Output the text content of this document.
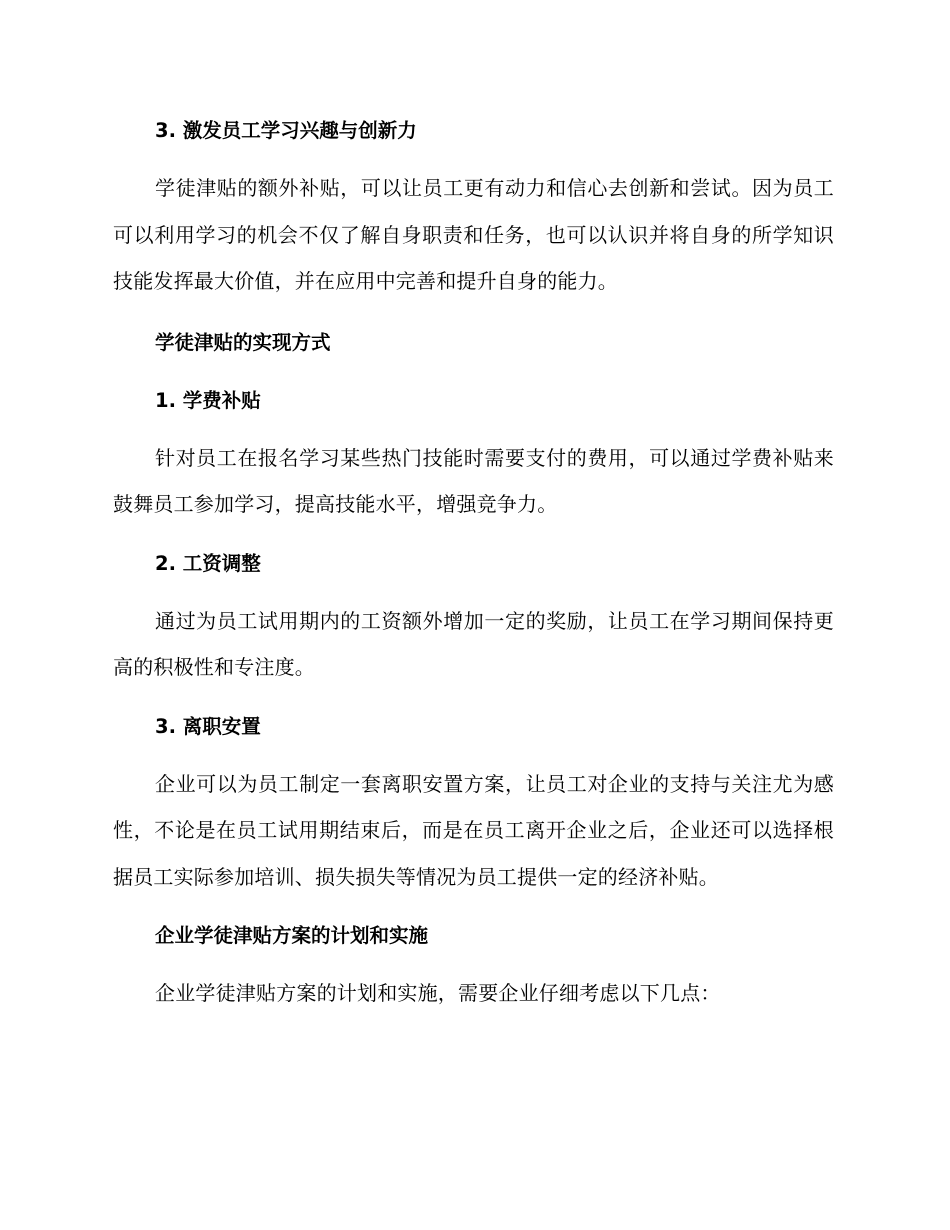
3. 激发员工学习兴趣与创新力

学徒津贴的额外补贴，可以让员工更有动力和信心去创新和尝试。因为员工可以利用学习的机会不仅了解自身职责和任务，也可以认识并将自身的所学知识技能发挥最大价值，并在应用中完善和提升自身的能力。

学徒津贴的实现方式
1. 学费补贴

针对员工在报名学习某些热门技能时需要支付的费用，可以通过学费补贴来鼓舞员工参加学习，提高技能水平，增强竞争力。

2. 工资调整

通过为员工试用期内的工资额外增加一定的奖励，让员工在学习期间保持更高的积极性和专注度。

3. 离职安置

企业可以为员工制定一套离职安置方案，让员工对企业的支持与关注尤为感性，不论是在员工试用期结束后，而是在员工离开企业之后，企业还可以选择根据员工实际参加培训、损失损失等情况为员工提供一定的经济补贴。

企业学徒津贴方案的计划和实施

企业学徒津贴方案的计划和实施，需要企业仔细考虑以下几点：
